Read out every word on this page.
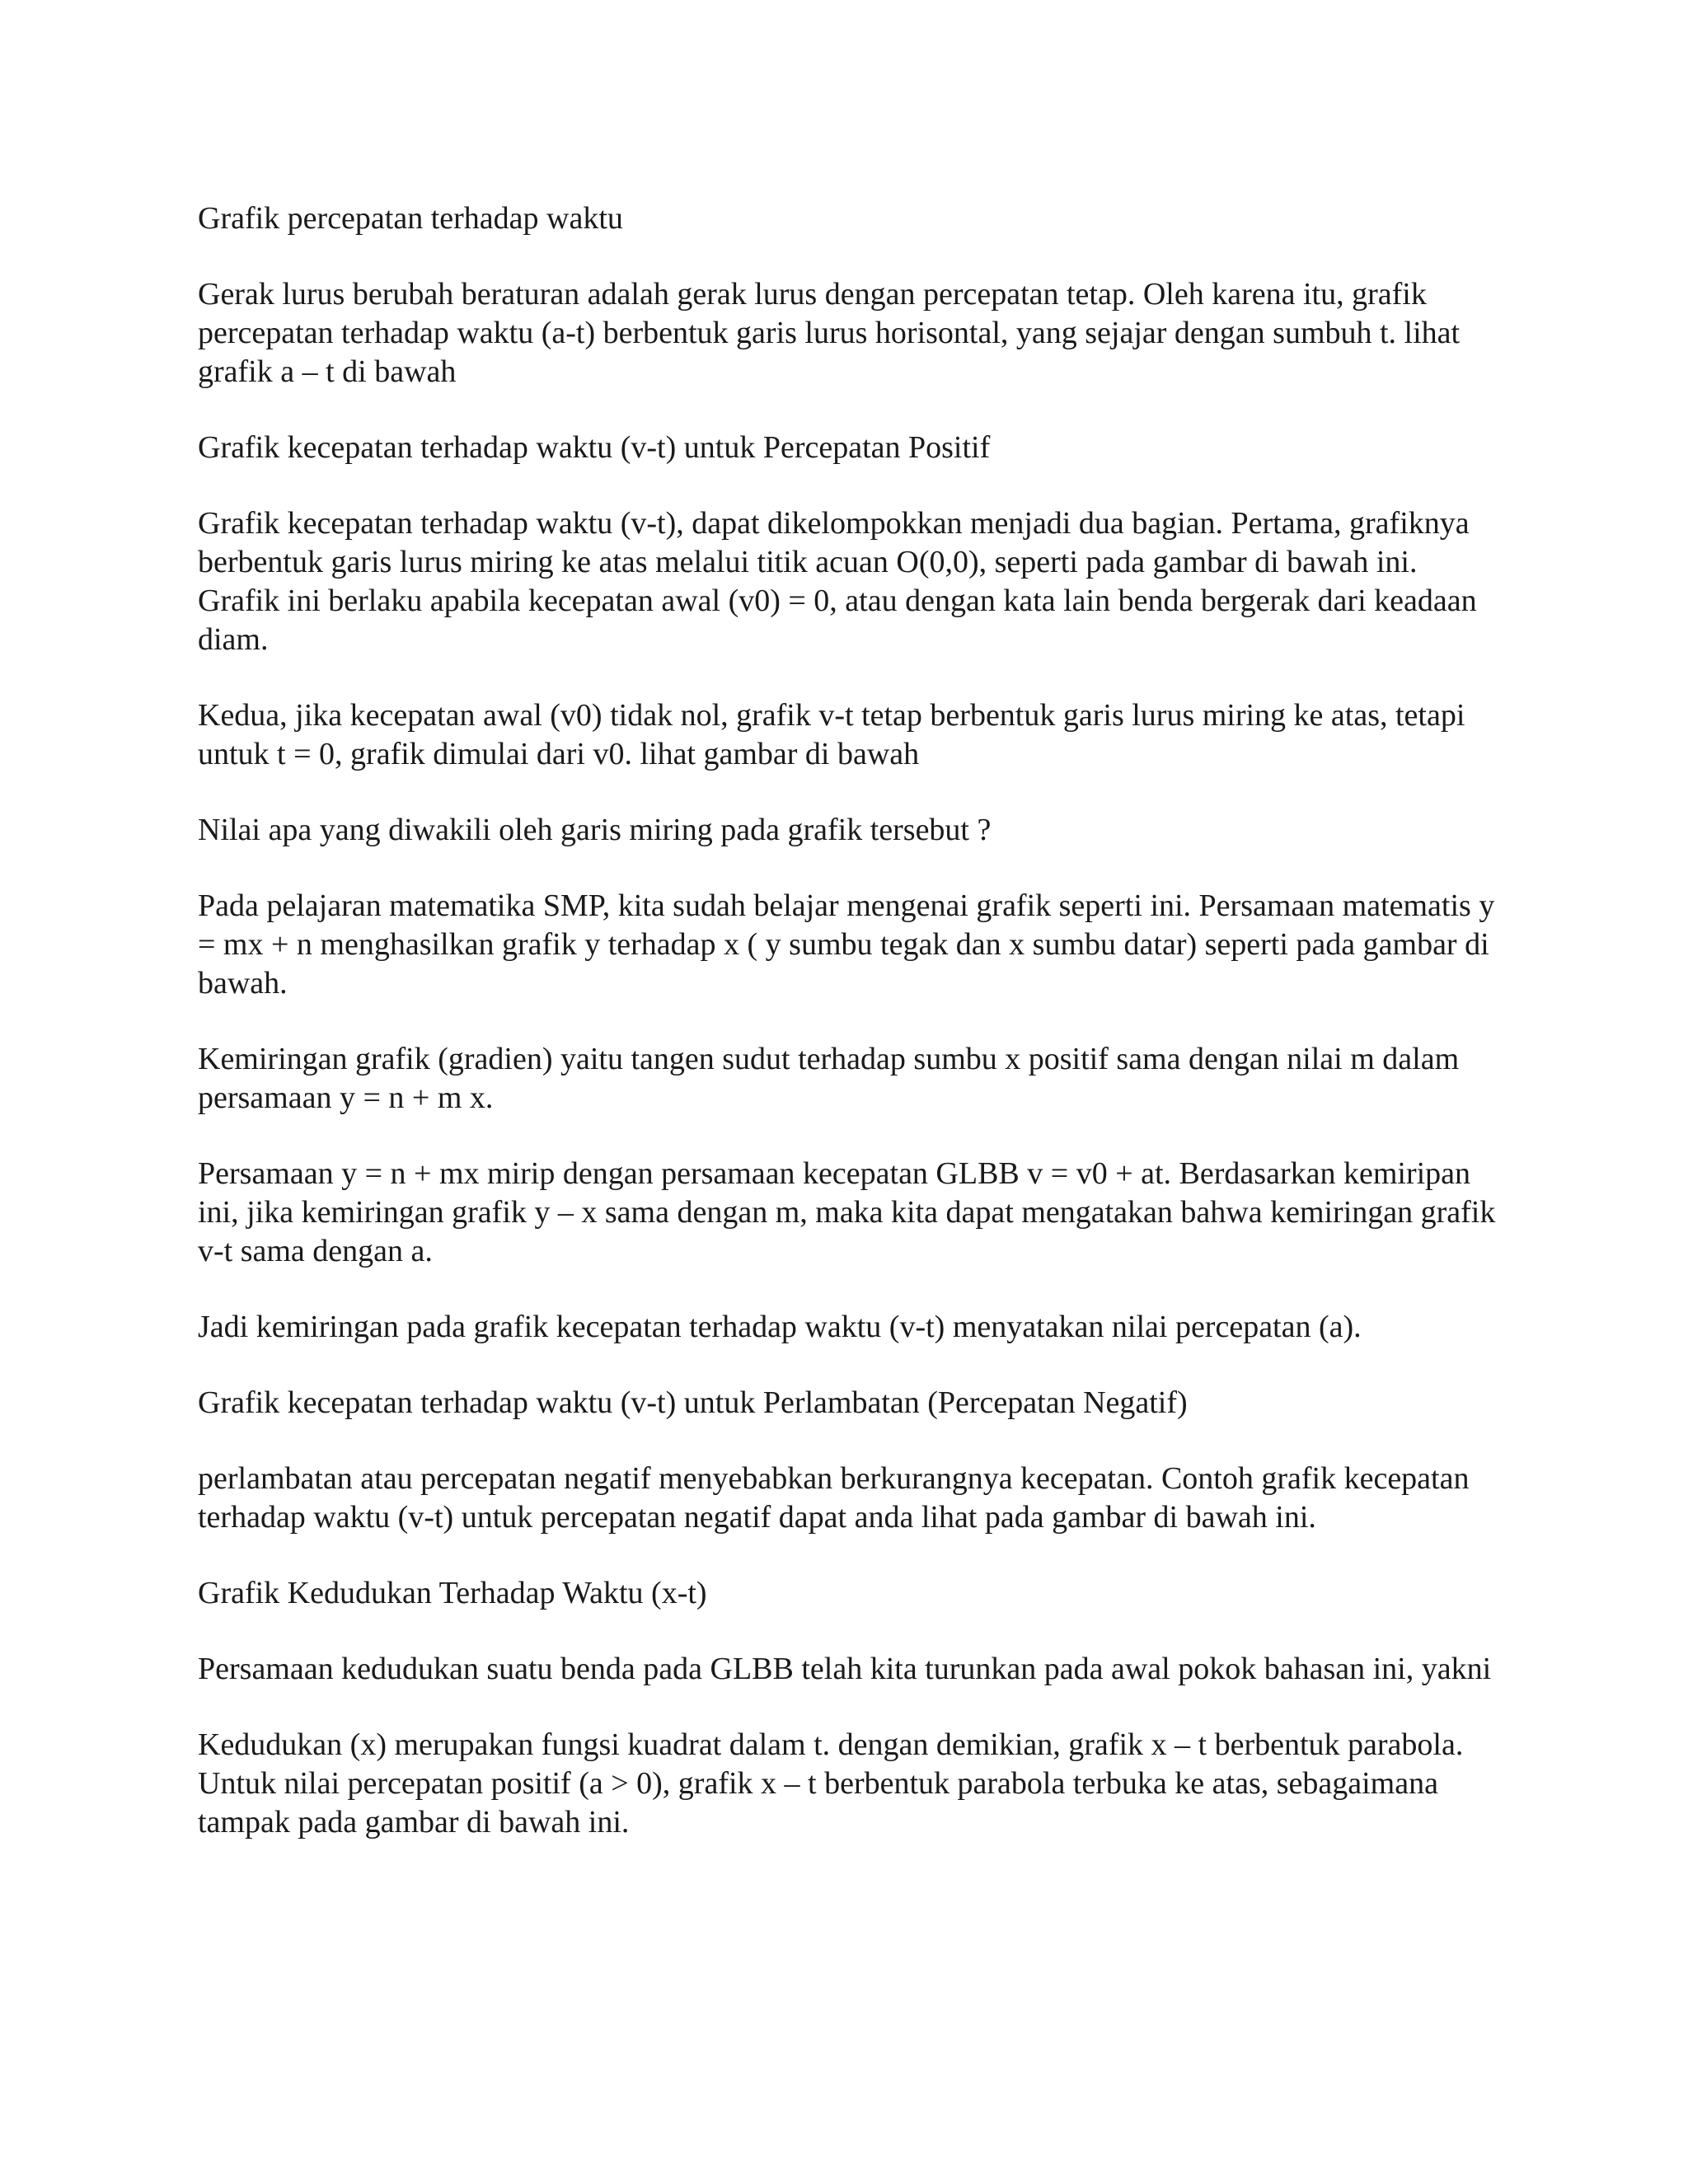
Grafik percepatan terhadap waktu

Gerak lurus berubah beraturan adalah gerak lurus dengan percepatan tetap. Oleh karena itu, grafik percepatan terhadap waktu (a-t) berbentuk garis lurus horisontal, yang sejajar dengan sumbuh t. lihat grafik a – t di bawah

Grafik kecepatan terhadap waktu (v-t) untuk Percepatan Positif

Grafik kecepatan terhadap waktu (v-t), dapat dikelompokkan menjadi dua bagian. Pertama, grafiknya berbentuk garis lurus miring ke atas melalui titik acuan O(0,0), seperti pada gambar di bawah ini. Grafik ini berlaku apabila kecepatan awal (v0) = 0, atau dengan kata lain benda bergerak dari keadaan diam.

Kedua, jika kecepatan awal (v0) tidak nol, grafik v-t tetap berbentuk garis lurus miring ke atas, tetapi untuk t = 0, grafik dimulai dari v0. lihat gambar di bawah

Nilai apa yang diwakili oleh garis miring pada grafik tersebut ?

Pada pelajaran matematika SMP, kita sudah belajar mengenai grafik seperti ini. Persamaan matematis y = mx + n menghasilkan grafik y terhadap x ( y sumbu tegak dan x sumbu datar) seperti pada gambar di bawah.

Kemiringan grafik (gradien) yaitu tangen sudut terhadap sumbu x positif sama dengan nilai m dalam persamaan y = n + m x.

Persamaan y = n + mx mirip dengan persamaan kecepatan GLBB v = v0 + at. Berdasarkan kemiripan ini, jika kemiringan grafik y – x sama dengan m, maka kita dapat mengatakan bahwa kemiringan grafik v-t sama dengan a.

Jadi kemiringan pada grafik kecepatan terhadap waktu (v-t) menyatakan nilai percepatan (a).

Grafik kecepatan terhadap waktu (v-t) untuk Perlambatan (Percepatan Negatif)

perlambatan atau percepatan negatif menyebabkan berkurangnya kecepatan. Contoh grafik kecepatan terhadap waktu (v-t) untuk percepatan negatif dapat anda lihat pada gambar di bawah ini.

Grafik Kedudukan Terhadap Waktu (x-t)

Persamaan kedudukan suatu benda pada GLBB telah kita turunkan pada awal pokok bahasan ini, yakni

Kedudukan (x) merupakan fungsi kuadrat dalam t. dengan demikian, grafik x – t berbentuk parabola. Untuk nilai percepatan positif (a > 0), grafik x – t berbentuk parabola terbuka ke atas, sebagaimana tampak pada gambar di bawah ini.
